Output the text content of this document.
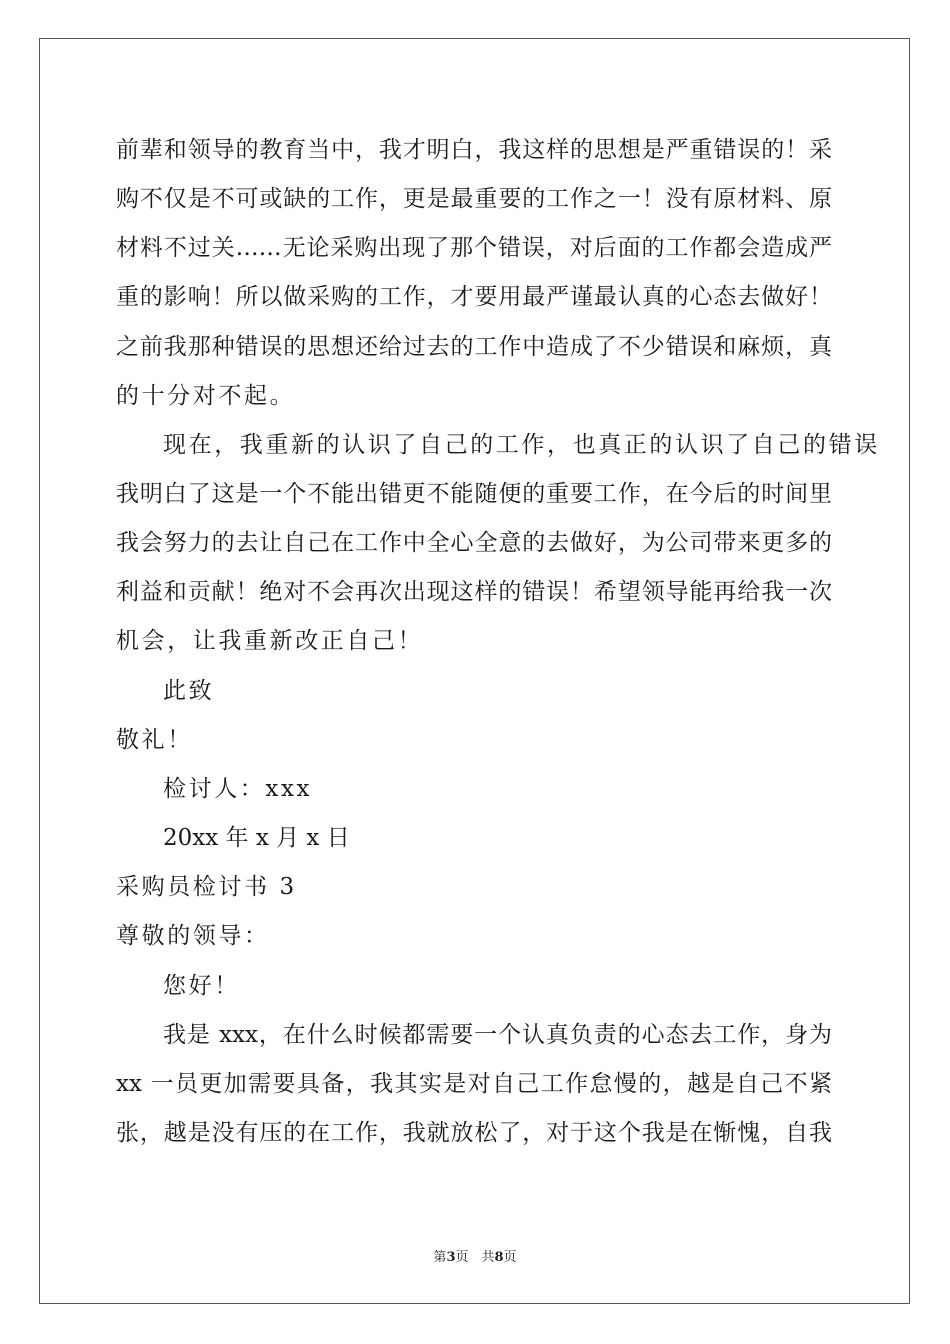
前辈和领导的教育当中，我才明白，我这样的思想是严重错误的！采
购不仅是不可或缺的工作，更是最重要的工作之一！没有原材料、原
材料不过关……无论采购出现了那个错误，对后面的工作都会造成严
重的影响！所以做采购的工作，才要用最严谨最认真的心态去做好！
之前我那种错误的思想还给过去的工作中造成了不少错误和麻烦，真
的十分对不起。
现在，我重新的认识了自己的工作，也真正的认识了自己的错误
我明白了这是一个不能出错更不能随便的重要工作，在今后的时间里
我会努力的去让自己在工作中全心全意的去做好，为公司带来更多的
利益和贡献！绝对不会再次出现这样的错误！希望领导能再给我一次
机会，让我重新改正自己！
此致
敬礼！
检讨人：xxx
20xx 年 x 月 x 日
采购员检讨书 3
尊敬的领导：
您好！
我是 xxx，在什么时候都需要一个认真负责的心态去工作，身为
xx 一员更加需要具备，我其实是对自己工作怠慢的，越是自己不紧
张，越是没有压的在工作，我就放松了，对于这个我是在惭愧，自我
第3页　共8页
